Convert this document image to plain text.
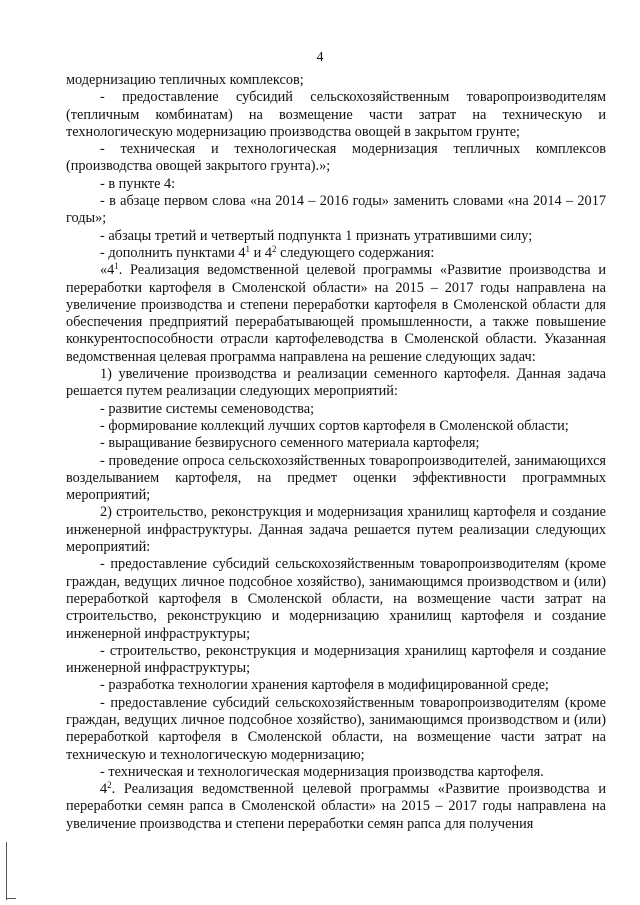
4

модернизацию тепличных комплексов;

- предоставление субсидий сельскохозяйственным товаропроизводителям (тепличным комбинатам) на возмещение части затрат на техническую и технологическую модернизацию производства овощей в закрытом грунте;

- техническая и технологическая модернизация тепличных комплексов (производства овощей закрытого грунта).»;

- в пункте 4:

- в абзаце первом слова «на 2014 – 2016 годы» заменить словами «на 2014 – 2017 годы»;

- абзацы третий и четвертый подпункта 1 признать утратившими силу;

- дополнить пунктами $4^1$ и $4^2$ следующего содержания:

«$4^1$. Реализация ведомственной целевой программы «Развитие производства и переработки картофеля в Смоленской области» на 2015 – 2017 годы направлена на увеличение производства и степени переработки картофеля в Смоленской области для обеспечения предприятий перерабатывающей промышленности, а также повышение конкурентоспособности отрасли картофелеводства в Смоленской области. Указанная ведомственная целевая программа направлена на решение следующих задач:

1) увеличение производства и реализации семенного картофеля. Данная задача решается путем реализации следующих мероприятий:

- развитие системы семеноводства;

- формирование коллекций лучших сортов картофеля в Смоленской области;

- выращивание безвирусного семенного материала картофеля;

- проведение опроса сельскохозяйственных товаропроизводителей, занимающихся возделыванием картофеля, на предмет оценки эффективности программных мероприятий;

2) строительство, реконструкция и модернизация хранилищ картофеля и создание инженерной инфраструктуры. Данная задача решается путем реализации следующих мероприятий:

- предоставление субсидий сельскохозяйственным товаропроизводителям (кроме граждан, ведущих личное подсобное хозяйство), занимающимся производством и (или) переработкой картофеля в Смоленской области, на возмещение части затрат на строительство, реконструкцию и модернизацию хранилищ картофеля и создание инженерной инфраструктуры;

- строительство, реконструкция и модернизация хранилищ картофеля и создание инженерной инфраструктуры;

- разработка технологии хранения картофеля в модифицированной среде;

- предоставление субсидий сельскохозяйственным товаропроизводителям (кроме граждан, ведущих личное подсобное хозяйство), занимающимся производством и (или) переработкой картофеля в Смоленской области, на возмещение части затрат на техническую и технологическую модернизацию;

- техническая и технологическая модернизация производства картофеля.

$4^2$. Реализация ведомственной целевой программы «Развитие производства и переработки семян рапса в Смоленской области» на 2015 – 2017 годы направлена на увеличение производства и степени переработки семян рапса для получения
